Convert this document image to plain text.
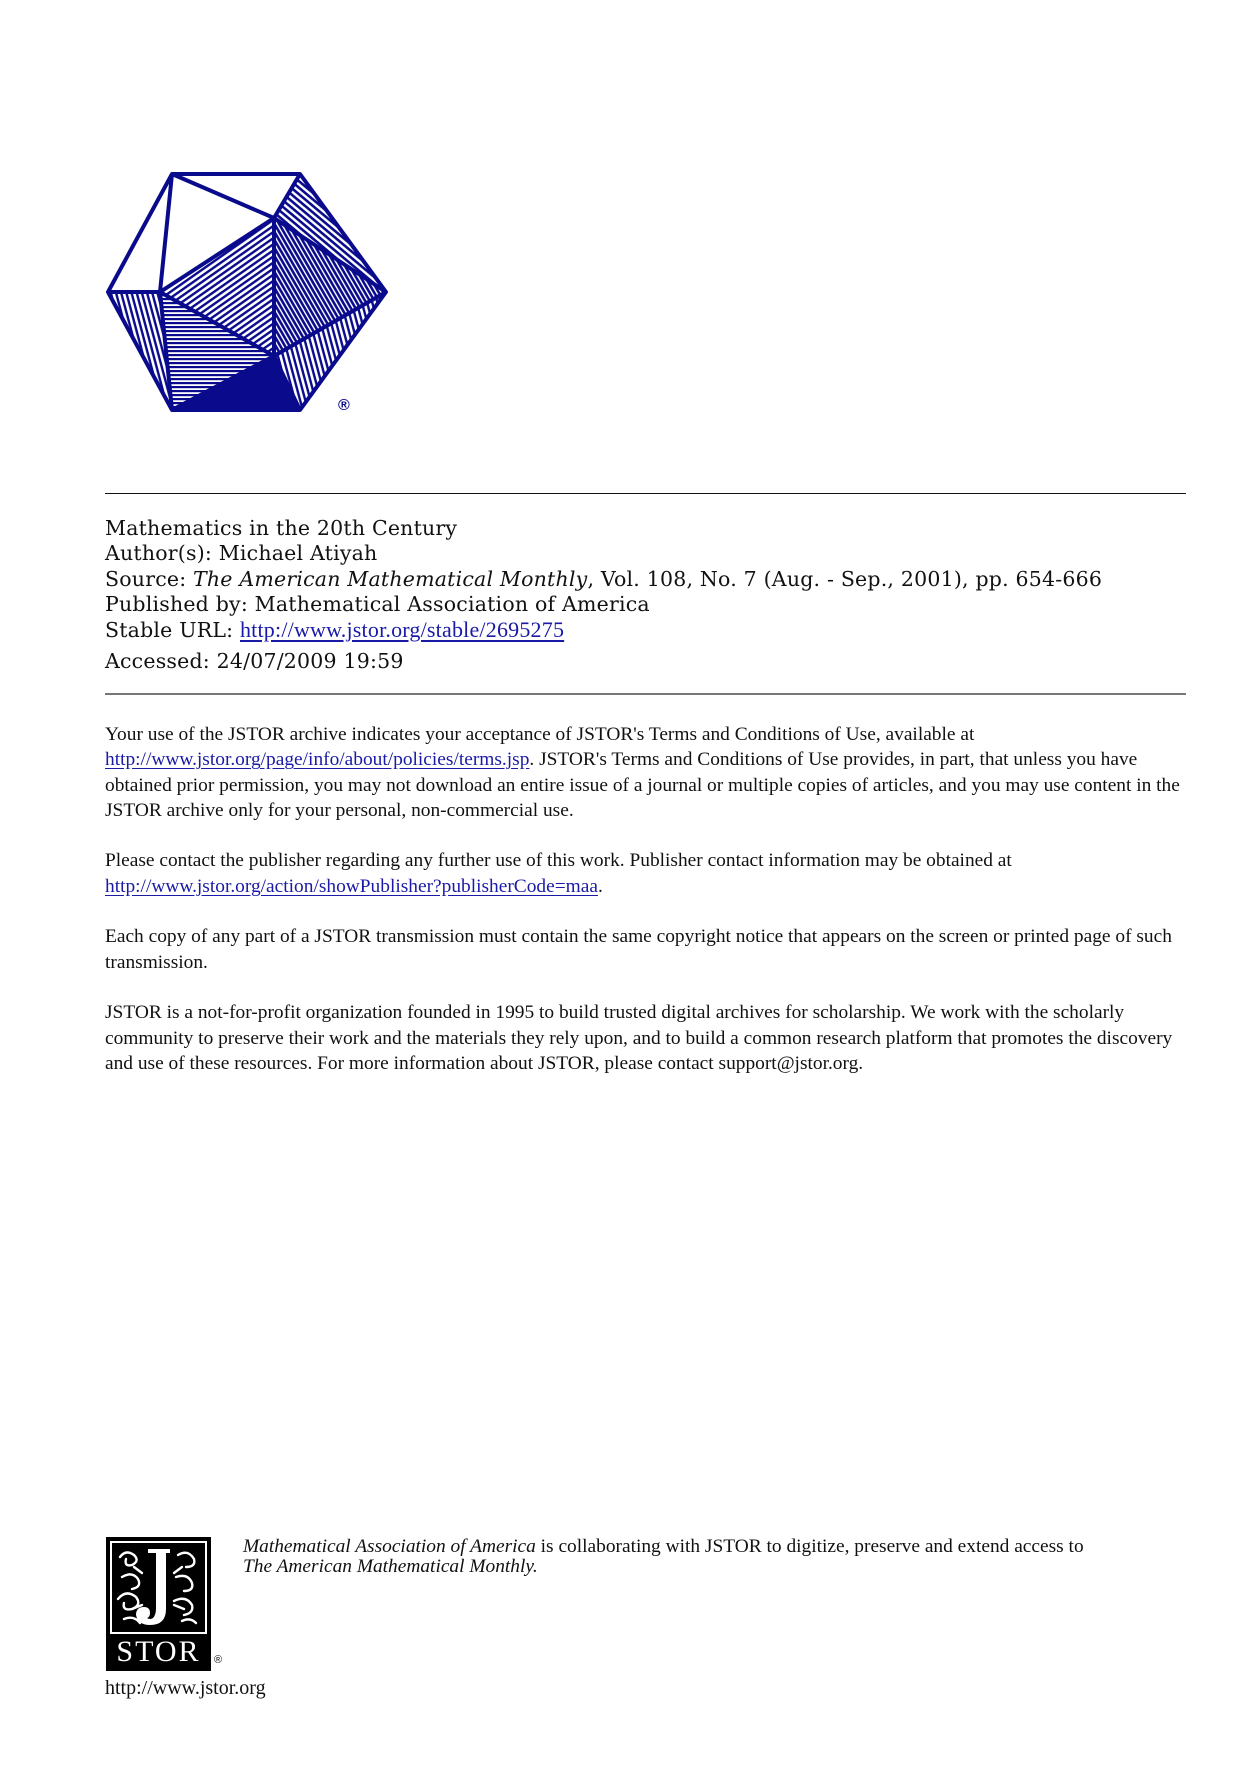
®
Mathematics in the 20th Century
Author(s): Michael Atiyah
Source: The American Mathematical Monthly, Vol. 108, No. 7 (Aug. - Sep., 2001), pp. 654-666
Published by: Mathematical Association of America
Stable URL: http://www.jstor.org/stable/2695275
Accessed: 24/07/2009 19:59

Your use of the JSTOR archive indicates your acceptance of JSTOR's Terms and Conditions of Use, available at
http://www.jstor.org/page/info/about/policies/terms.jsp. JSTOR's Terms and Conditions of Use provides, in part, that unless you have obtained prior permission, you may not download an entire issue of a journal or multiple copies of articles, and you may use content in the JSTOR archive only for your personal, non-commercial use.

Please contact the publisher regarding any further use of this work. Publisher contact information may be obtained at
http://www.jstor.org/action/showPublisher?publisherCode=maa.

Each copy of any part of a JSTOR transmission must contain the same copyright notice that appears on the screen or printed page of such transmission.

JSTOR is a not-for-profit organization founded in 1995 to build trusted digital archives for scholarship. We work with the scholarly community to preserve their work and the materials they rely upon, and to build a common research platform that promotes the discovery and use of these resources. For more information about JSTOR, please contact support@jstor.org.

STOR	®
http://www.jstor.org
Mathematical Association of America is collaborating with JSTOR to digitize, preserve and extend access to
The American Mathematical Monthly.
